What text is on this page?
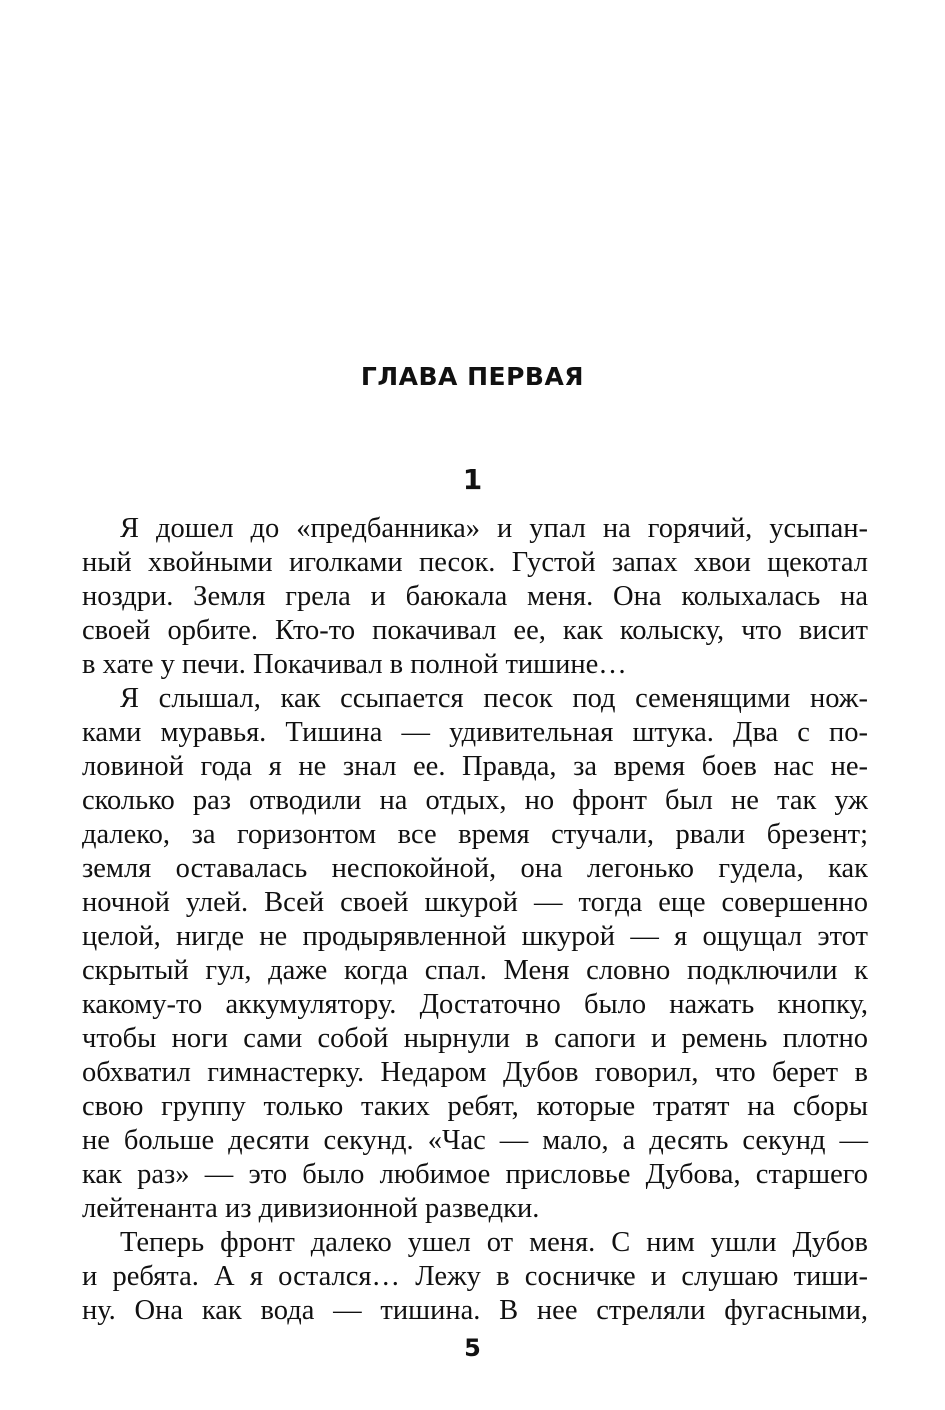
ГЛАВА ПЕРВАЯ
1
Я дошел до «предбанника» и упал на горячий, усыпан-
ный хвойными иголками песок. Густой запах хвои щекотал
ноздри. Земля грела и баюкала меня. Она колыхалась на
своей орбите. Кто-то покачивал ее, как колыску, что висит
в хате у печи. Покачивал в полной тишине…
Я слышал, как ссыпается песок под семенящими нож-
ками муравья. Тишина — удивительная штука. Два с по-
ловиной года я не знал ее. Правда, за время боев нас не-
сколько раз отводили на отдых, но фронт был не так уж
далеко, за горизонтом все время стучали, рвали брезент;
земля оставалась неспокойной, она легонько гудела, как
ночной улей. Всей своей шкурой — тогда еще совершенно
целой, нигде не продырявленной шкурой — я ощущал этот
скрытый гул, даже когда спал. Меня словно подключили к
какому-то аккумулятору. Достаточно было нажать кнопку,
чтобы ноги сами собой нырнули в сапоги и ремень плотно
обхватил гимнастерку. Недаром Дубов говорил, что берет в
свою группу только таких ребят, которые тратят на сборы
не больше десяти секунд. «Час — мало, а десять секунд —
как раз» — это было любимое присловье Дубова, старшего
лейтенанта из дивизионной разведки.
Теперь фронт далеко ушел от меня. С ним ушли Дубов
и ребята. А я остался… Лежу в сосничке и слушаю тиши-
ну. Она как вода — тишина. В нее стреляли фугасными,
5
